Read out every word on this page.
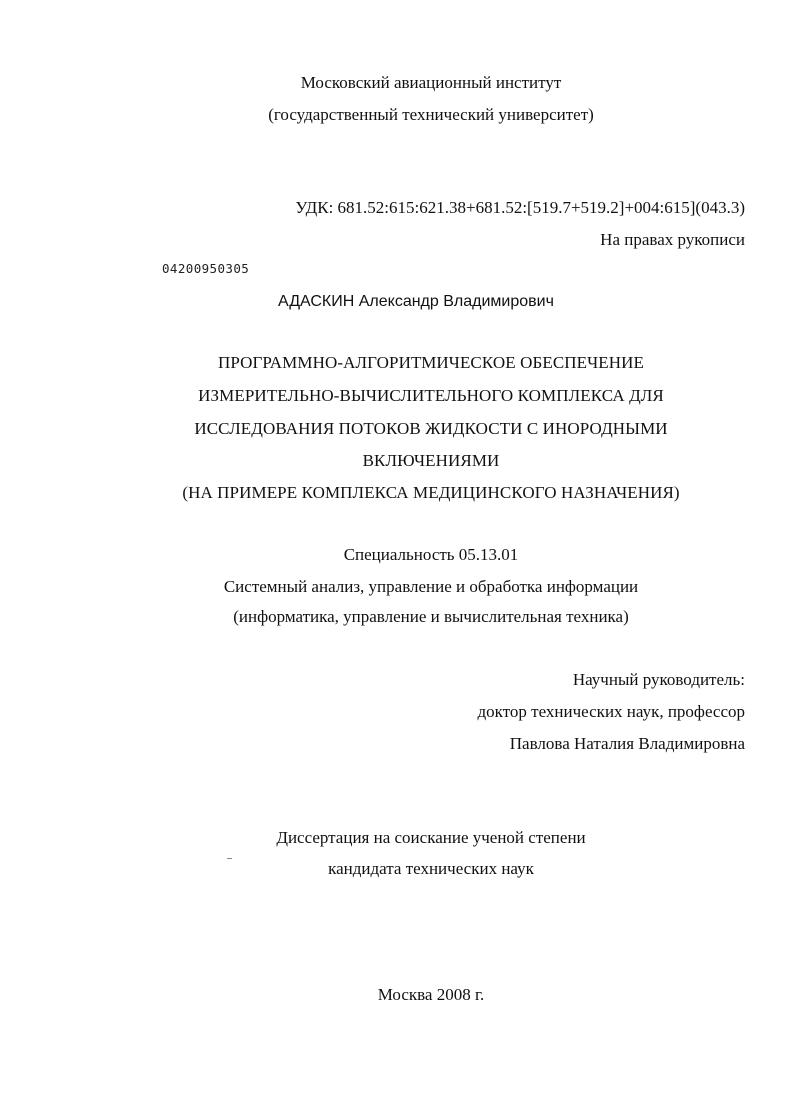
Московский авиационный институт
(государственный технический университет)
УДК: 681.52:615:621.38+681.52:[519.7+519.2]+004:615](043.3)
На правах рукописи
04200950305
АДАСКИН Александр Владимирович
ПРОГРАММНО-АЛГОРИТМИЧЕСКОЕ ОБЕСПЕЧЕНИЕ
ИЗМЕРИТЕЛЬНО-ВЫЧИСЛИТЕЛЬНОГО КОМПЛЕКСА ДЛЯ
ИССЛЕДОВАНИЯ ПОТОКОВ ЖИДКОСТИ С ИНОРОДНЫМИ
ВКЛЮЧЕНИЯМИ
(НА ПРИМЕРЕ КОМПЛЕКСА МЕДИЦИНСКОГО НАЗНАЧЕНИЯ)
Специальность 05.13.01
Системный анализ, управление и обработка информации
(информатика, управление и вычислительная техника)
Научный руководитель:
доктор технических наук, профессор
Павлова Наталия Владимировна
Диссертация на соискание ученой степени
кандидата технических наук
Москва 2008 г.
